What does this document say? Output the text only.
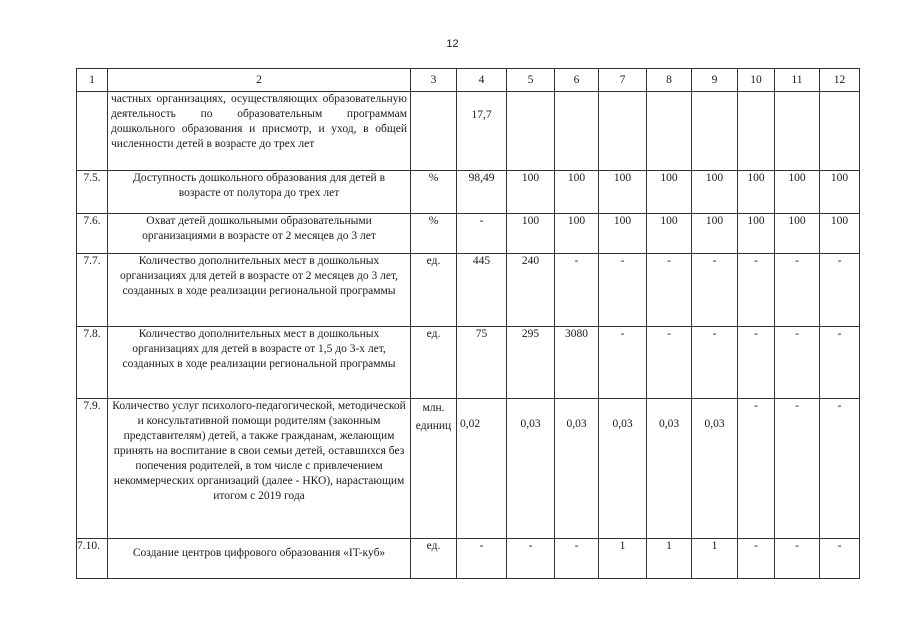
12
1	2	3	4	5	6	7	8	9	10	11	12
	частных организациях, осуществляющих образовательную деятельность по образовательным программам дошкольного образования и присмотр, и уход, в общей численности детей в возрасте до трех лет		17,7								
7.5.	Доступность дошкольного образования для детей в возрасте от полутора до трех лет	%	98,49	100	100	100	100	100	100	100	100
7.6.	Охват детей дошкольными образовательными организациями в возрасте от 2 месяцев до 3 лет	%	-	100	100	100	100	100	100	100	100
7.7.	Количество дополнительных мест в дошкольных организациях для детей в возрасте от 2 месяцев до 3 лет, созданных в ходе реализации региональной программы	ед.	445	240	-	-	-	-	-	-	-
7.8.	Количество дополнительных мест в дошкольных организациях для детей в возрасте от 1,5 до 3-х лет, созданных в ходе реализации региональной программы	ед.	75	295	3080	-	-	-	-	-	-
7.9.	Количество услуг психолого-педагогической, методической и консультативной помощи родителям (законным представителям) детей, а также гражданам, желающим принять на воспитание в свои семьи детей, оставшихся без попечения родителей, в том числе с привлечением некоммерческих организаций (далее - НКО), нарастающим итогом с 2019 года	млн. единиц	0,02	0,03	0,03	0,03	0,03	0,03	-	-	-
7.10.	Создание центров цифрового образования «IT-куб»	ед.	-	-	-	1	1	1	-	-	-
